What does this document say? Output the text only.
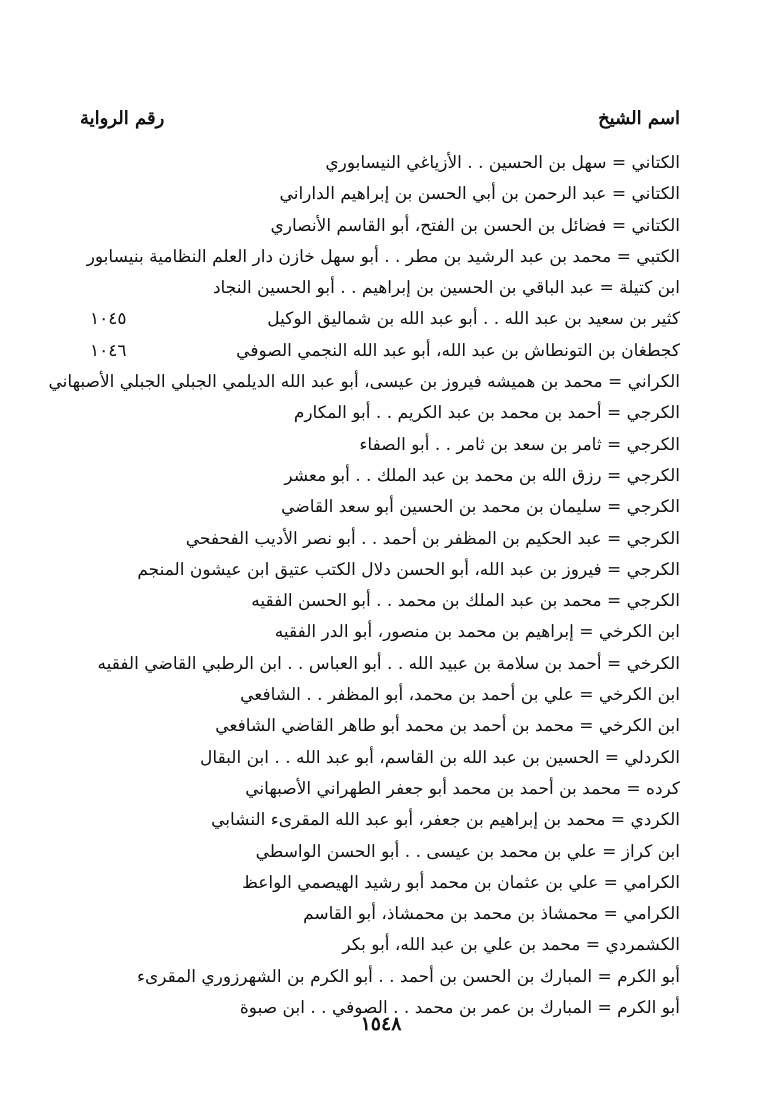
رقم الرواية	اسم الشيخ
الكتاني = سهل بن الحسين . . الأزياغي النيسابوري
الكتاني = عبد الرحمن بن أبي الحسن بن إبراهيم الداراني
الكتاني = فضائل بن الحسن بن الفتح، أبو القاسم الأنصاري
الكتبي = محمد بن عبد الرشيد بن مطر . . أبو سهل خازن دار العلم النظامية بنيسابور
ابن كتيلة = عبد الباقي بن الحسين بن إبراهيم . . أبو الحسين النجاد
كثير بن سعيد بن عبد الله . . أبو عبد الله بن شماليق الوكيل
١٠٤٥
كجطغان بن التونطاش بن عبد الله، أبو عبد الله النجمي الصوفي
١٠٤٦
الكراني = محمد بن هميشه فيروز بن عيسى، أبو عبد الله الديلمي الجبلي الجبلي الأصبهاني
الكرجي = أحمد بن محمد بن عبد الكريم . . أبو المكارم
الكرجي = ثامر بن سعد بن ثامر . . أبو الصفاء
الكرجي = رزق الله بن محمد بن عبد الملك . . أبو معشر
الكرجي = سليمان بن محمد بن الحسين أبو سعد القاضي
الكرجي = عبد الحكيم بن المظفر بن أحمد . . أبو نصر الأديب الفحفحي
الكرجي = فيروز بن عبد الله، أبو الحسن دلال الكتب عتيق ابن عيشون المنجم
الكرجي = محمد بن عبد الملك بن محمد . . أبو الحسن الفقيه
ابن الكرخي = إبراهيم بن محمد بن منصور، أبو الدر الفقيه
الكرخي = أحمد بن سلامة بن عبيد الله . . أبو العباس . . ابن الرطبي القاضي الفقيه
ابن الكرخي = علي بن أحمد بن محمد، أبو المظفر . . الشافعي
ابن الكرخي = محمد بن أحمد بن محمد أبو طاهر القاضي الشافعي
الكردلي = الحسين بن عبد الله بن القاسم، أبو عبد الله . . ابن البقال
كرده = محمد بن أحمد بن محمد أبو جعفر الطهراني الأصبهاني
الكردي = محمد بن إبراهيم بن جعفر، أبو عبد الله المقرىء النشابي
ابن كراز = علي بن محمد بن عيسى . . أبو الحسن الواسطي
الكرامي = علي بن عثمان بن محمد أبو رشيد الهيصمي الواعظ
الكرامي = محمشاذ بن محمد بن محمشاذ، أبو القاسم
الكشمردي = محمد بن علي بن عبد الله، أبو بكر
أبو الكرم = المبارك بن الحسن بن أحمد . . أبو الكرم بن الشهرزوري المقرىء
أبو الكرم = المبارك بن عمر بن محمد . . الصوفي . . ابن صبوة
١٥٤٨
